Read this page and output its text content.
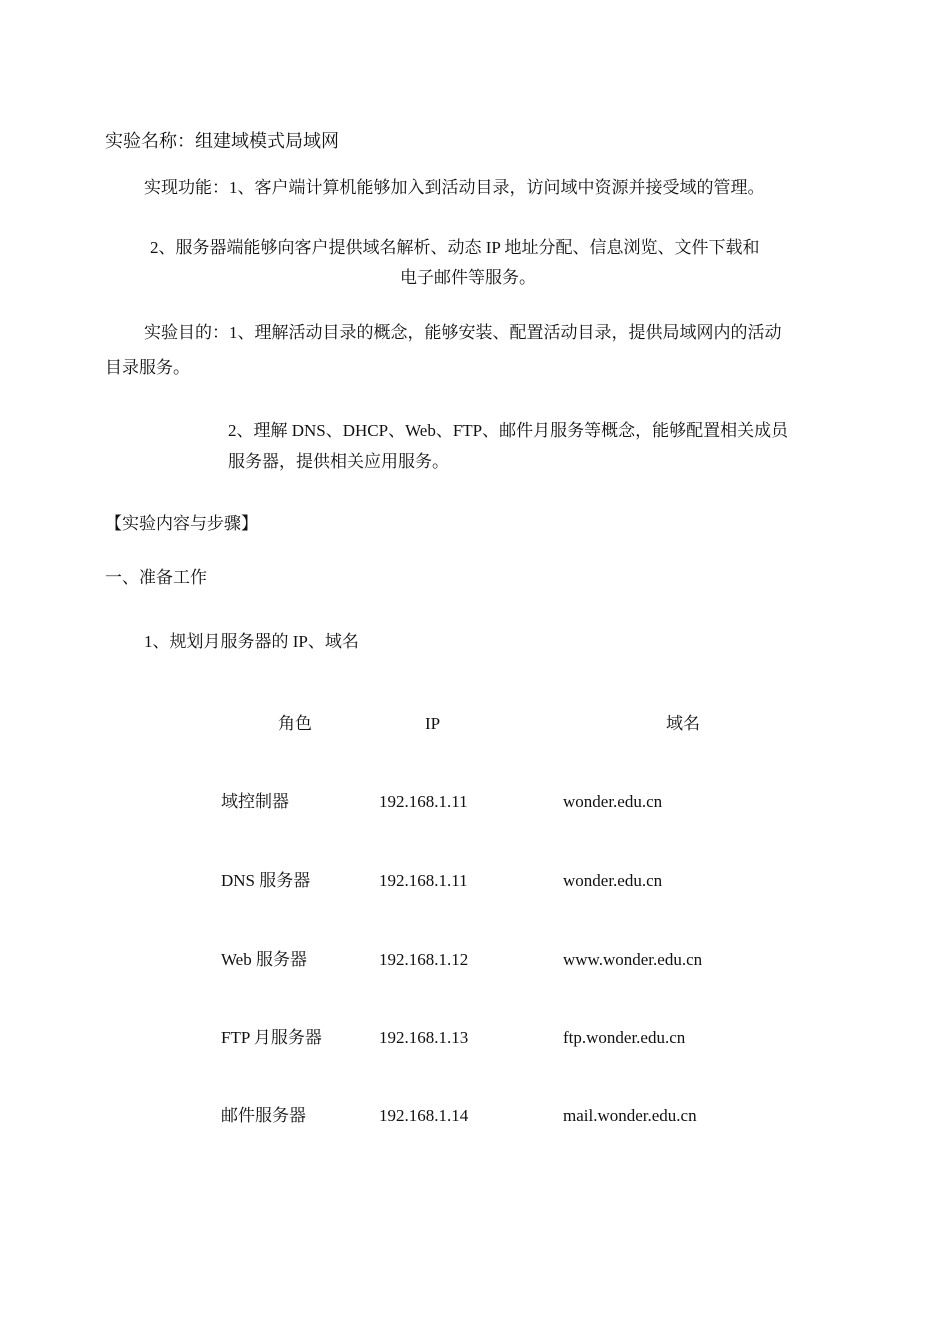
实验名称：组建域模式局域网
实现功能：1、客户端计算机能够加入到活动目录，访问域中资源并接受域的管理。
2、服务器端能够向客户提供域名解析、动态 IP 地址分配、信息浏览、文件下载和
电子邮件等服务。
实验目的：1、理解活动目录的概念，能够安装、配置活动目录，提供局域网内的活动
目录服务。
2、理解 DNS、DHCP、Web、FTP、邮件月服务等概念，能够配置相关成员
服务器，提供相关应用服务。
【实验内容与步骤】
一、准备工作
1、规划月服务器的 IP、域名
角色	IP	域名
域控制器	192.168.1.11	wonder.edu.cn
DNS 服务器	192.168.1.11	wonder.edu.cn
Web 服务器	192.168.1.12	www.wonder.edu.cn
FTP 月服务器	192.168.1.13	ftp.wonder.edu.cn
邮件服务器	192.168.1.14	mail.wonder.edu.cn
